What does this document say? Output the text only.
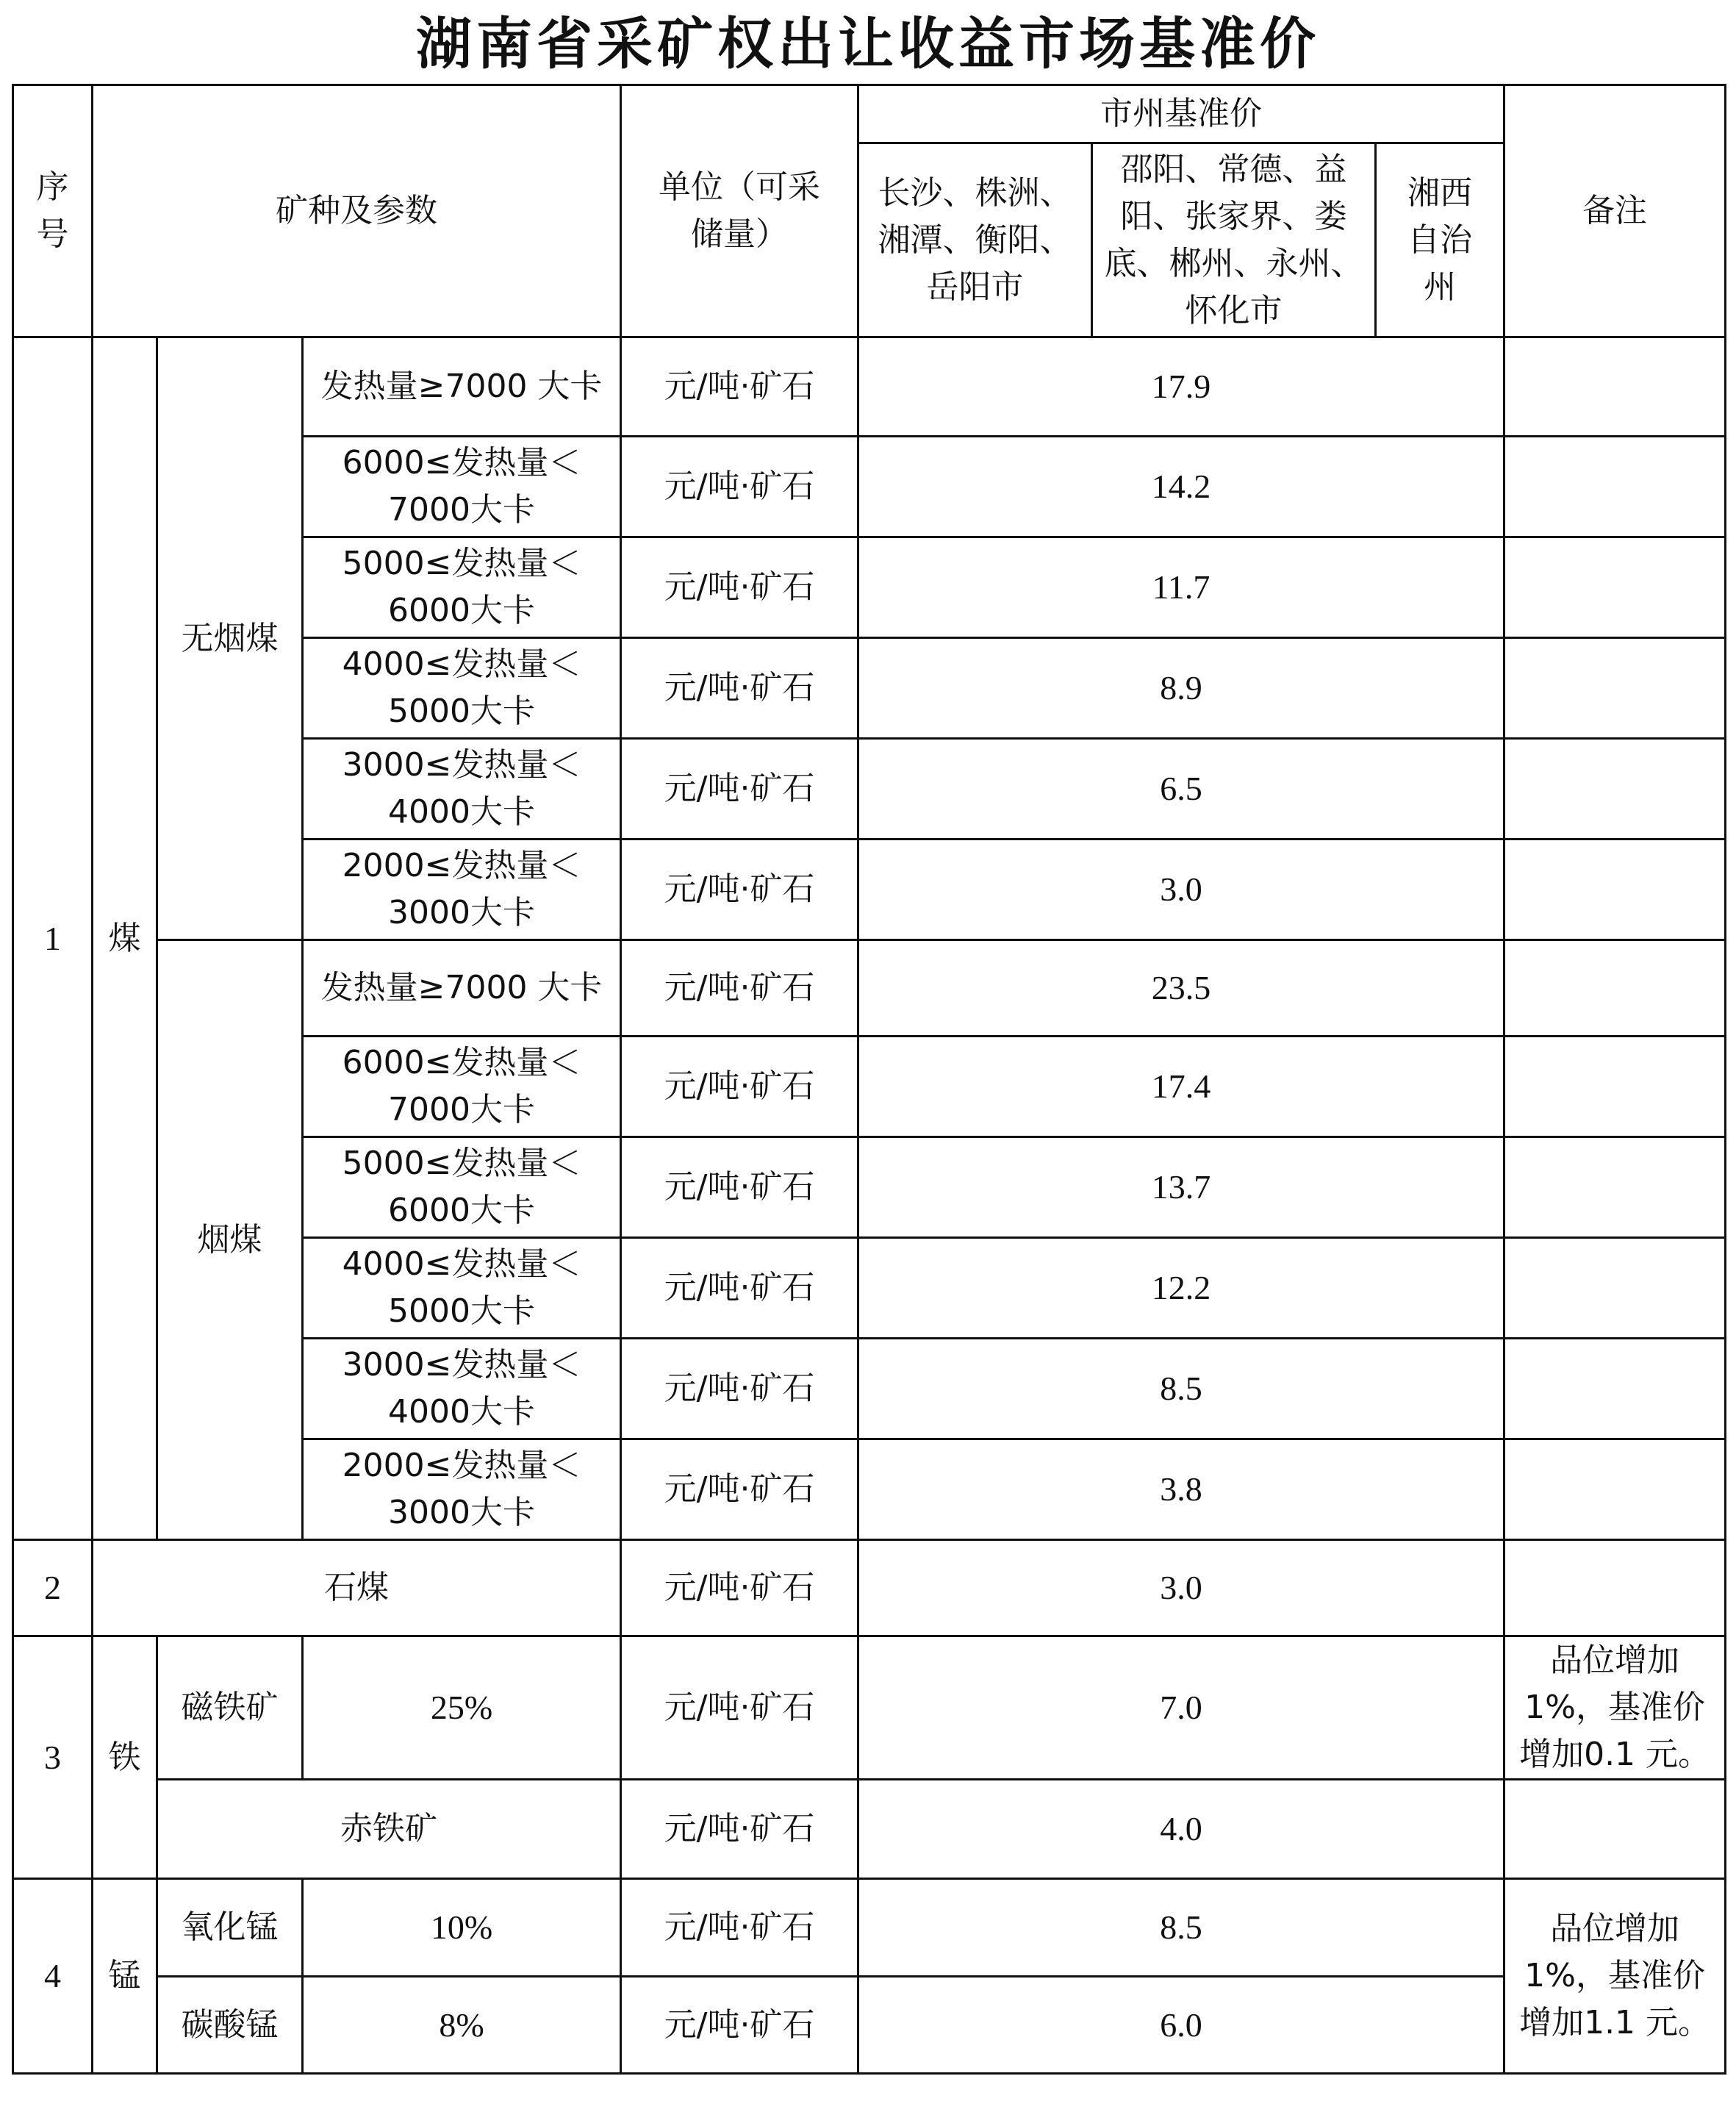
湖南省采矿权出让收益市场基准价
序号	矿种及参数			单位（可采储量）	市州基准价			备注
					长沙、株洲、湘潭、衡阳、岳阳市	邵阳、常德、益阳、张家界、娄底、郴州、永州、怀化市	湘西自治州	
1	煤	无烟煤	发热量≥7000 大卡	元/吨·矿石	17.9			
			6000≤发热量＜7000大卡	元/吨·矿石	14.2			
			5000≤发热量＜6000大卡	元/吨·矿石	11.7			
			4000≤发热量＜5000大卡	元/吨·矿石	8.9			
			3000≤发热量＜4000大卡	元/吨·矿石	6.5			
			2000≤发热量＜3000大卡	元/吨·矿石	3.0			
		烟煤	发热量≥7000 大卡	元/吨·矿石	23.5			
			6000≤发热量＜7000大卡	元/吨·矿石	17.4			
			5000≤发热量＜6000大卡	元/吨·矿石	13.7			
			4000≤发热量＜5000大卡	元/吨·矿石	12.2			
			3000≤发热量＜4000大卡	元/吨·矿石	8.5			
			2000≤发热量＜3000大卡	元/吨·矿石	3.8			
2	石煤			元/吨·矿石	3.0			
3	铁	磁铁矿	25%	元/吨·矿石	7.0			品位增加1%，基准价增加0.1 元。
		赤铁矿		元/吨·矿石	4.0			
4	锰	氧化锰	10%	元/吨·矿石	8.5			品位增加1%，基准价增加1.1 元。
		碳酸锰	8%	元/吨·矿石	6.0			
